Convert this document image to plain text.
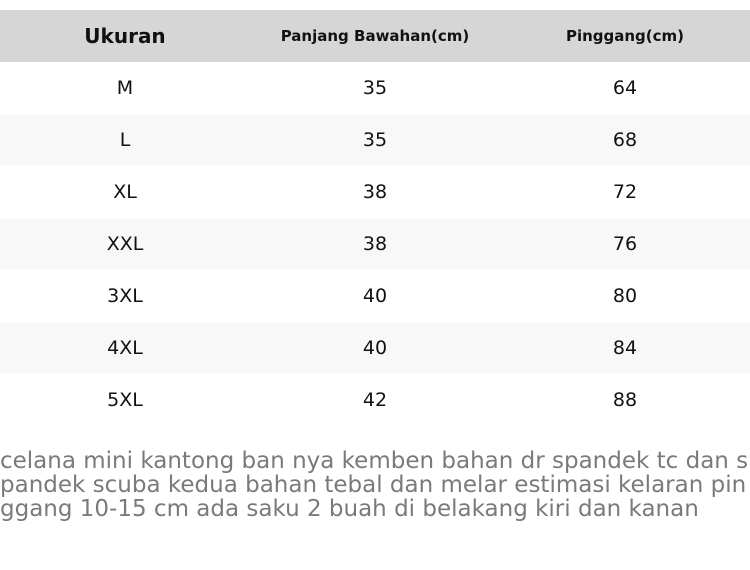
Ukuran	Panjang Bawahan(cm)	Pinggang(cm)
M	35	64
L	35	68
XL	38	72
XXL	38	76
3XL	40	80
4XL	40	84
5XL	42	88

celana mini kantong ban nya kemben bahan dr spandek tc dan spandek scuba kedua bahan tebal dan melar estimasi kelaran pinggang 10-15 cm ada saku 2 buah di belakang kiri dan kanan
